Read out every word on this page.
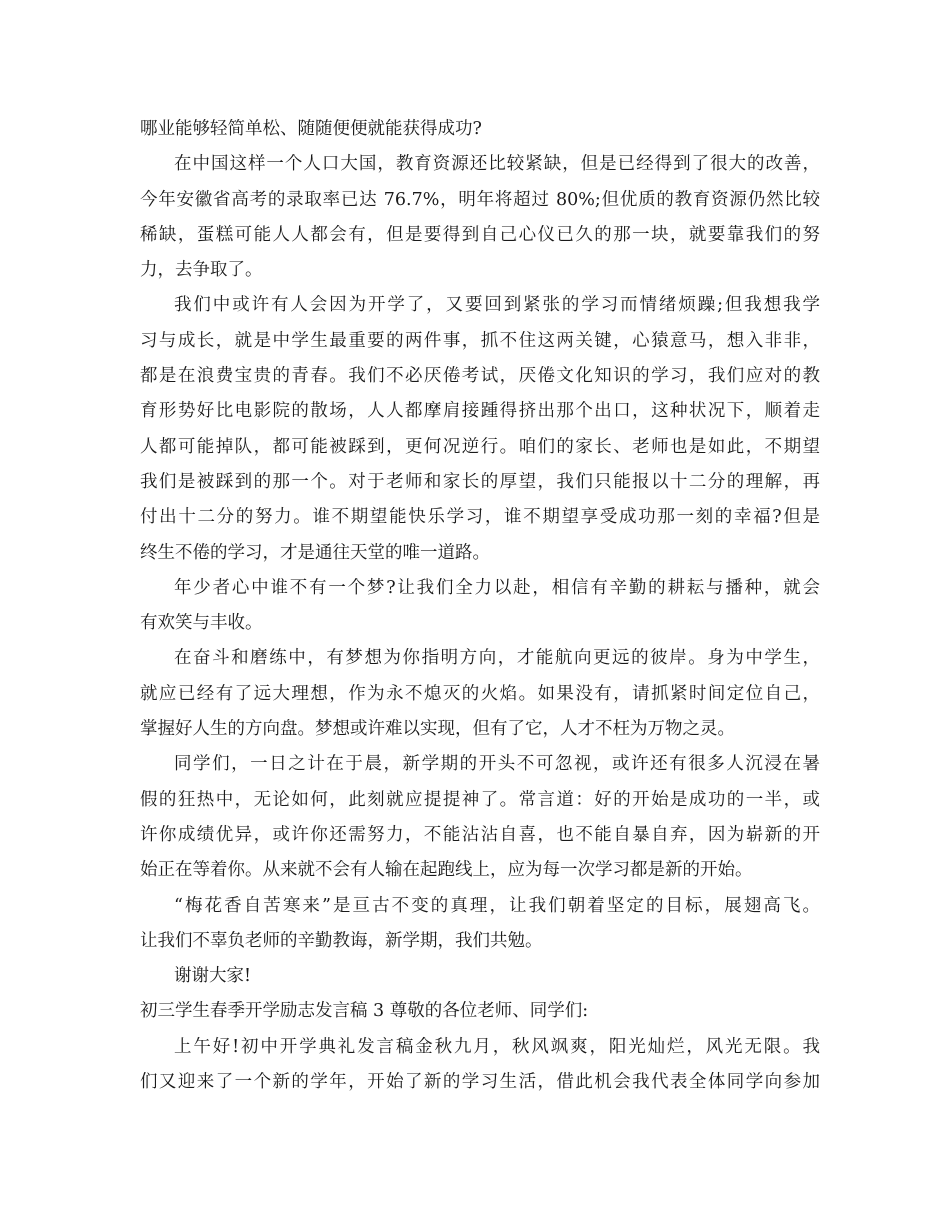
哪业能够轻简单松、随随便便就能获得成功?
在中国这样一个人口大国，教育资源还比较紧缺，但是已经得到了很大的改善，
今年安徽省高考的录取率已达 76.7%，明年将超过 80%;但优质的教育资源仍然比较
稀缺，蛋糕可能人人都会有，但是要得到自己心仪已久的那一块，就要靠我们的努
力，去争取了。
我们中或许有人会因为开学了，又要回到紧张的学习而情绪烦躁;但我想我学
习与成长，就是中学生最重要的两件事，抓不住这两关键，心猿意马，想入非非，
都是在浪费宝贵的青春。我们不必厌倦考试，厌倦文化知识的学习，我们应对的教
育形势好比电影院的散场，人人都摩肩接踵得挤出那个出口，这种状况下，顺着走
人都可能掉队，都可能被踩到，更何况逆行。咱们的家长、老师也是如此，不期望
我们是被踩到的那一个。对于老师和家长的厚望，我们只能报以十二分的理解，再
付出十二分的努力。谁不期望能快乐学习，谁不期望享受成功那一刻的幸福?但是
终生不倦的学习，才是通往天堂的唯一道路。
年少者心中谁不有一个梦?让我们全力以赴，相信有辛勤的耕耘与播种，就会
有欢笑与丰收。
在奋斗和磨练中，有梦想为你指明方向，才能航向更远的彼岸。身为中学生，
就应已经有了远大理想，作为永不熄灭的火焰。如果没有，请抓紧时间定位自己，
掌握好人生的方向盘。梦想或许难以实现，但有了它，人才不枉为万物之灵。
同学们，一日之计在于晨，新学期的开头不可忽视，或许还有很多人沉浸在暑
假的狂热中，无论如何，此刻就应提提神了。常言道：好的开始是成功的一半，或
许你成绩优异，或许你还需努力，不能沾沾自喜，也不能自暴自弃，因为崭新的开
始正在等着你。从来就不会有人输在起跑线上，应为每一次学习都是新的开始。
“梅花香自苦寒来”是亘古不变的真理，让我们朝着坚定的目标，展翅高飞。
让我们不辜负老师的辛勤教诲，新学期，我们共勉。
谢谢大家!
初三学生春季开学励志发言稿 3 尊敬的各位老师、同学们:
上午好!初中开学典礼发言稿金秋九月，秋风飒爽，阳光灿烂，风光无限。我
们又迎来了一个新的学年，开始了新的学习生活，借此机会我代表全体同学向参加
